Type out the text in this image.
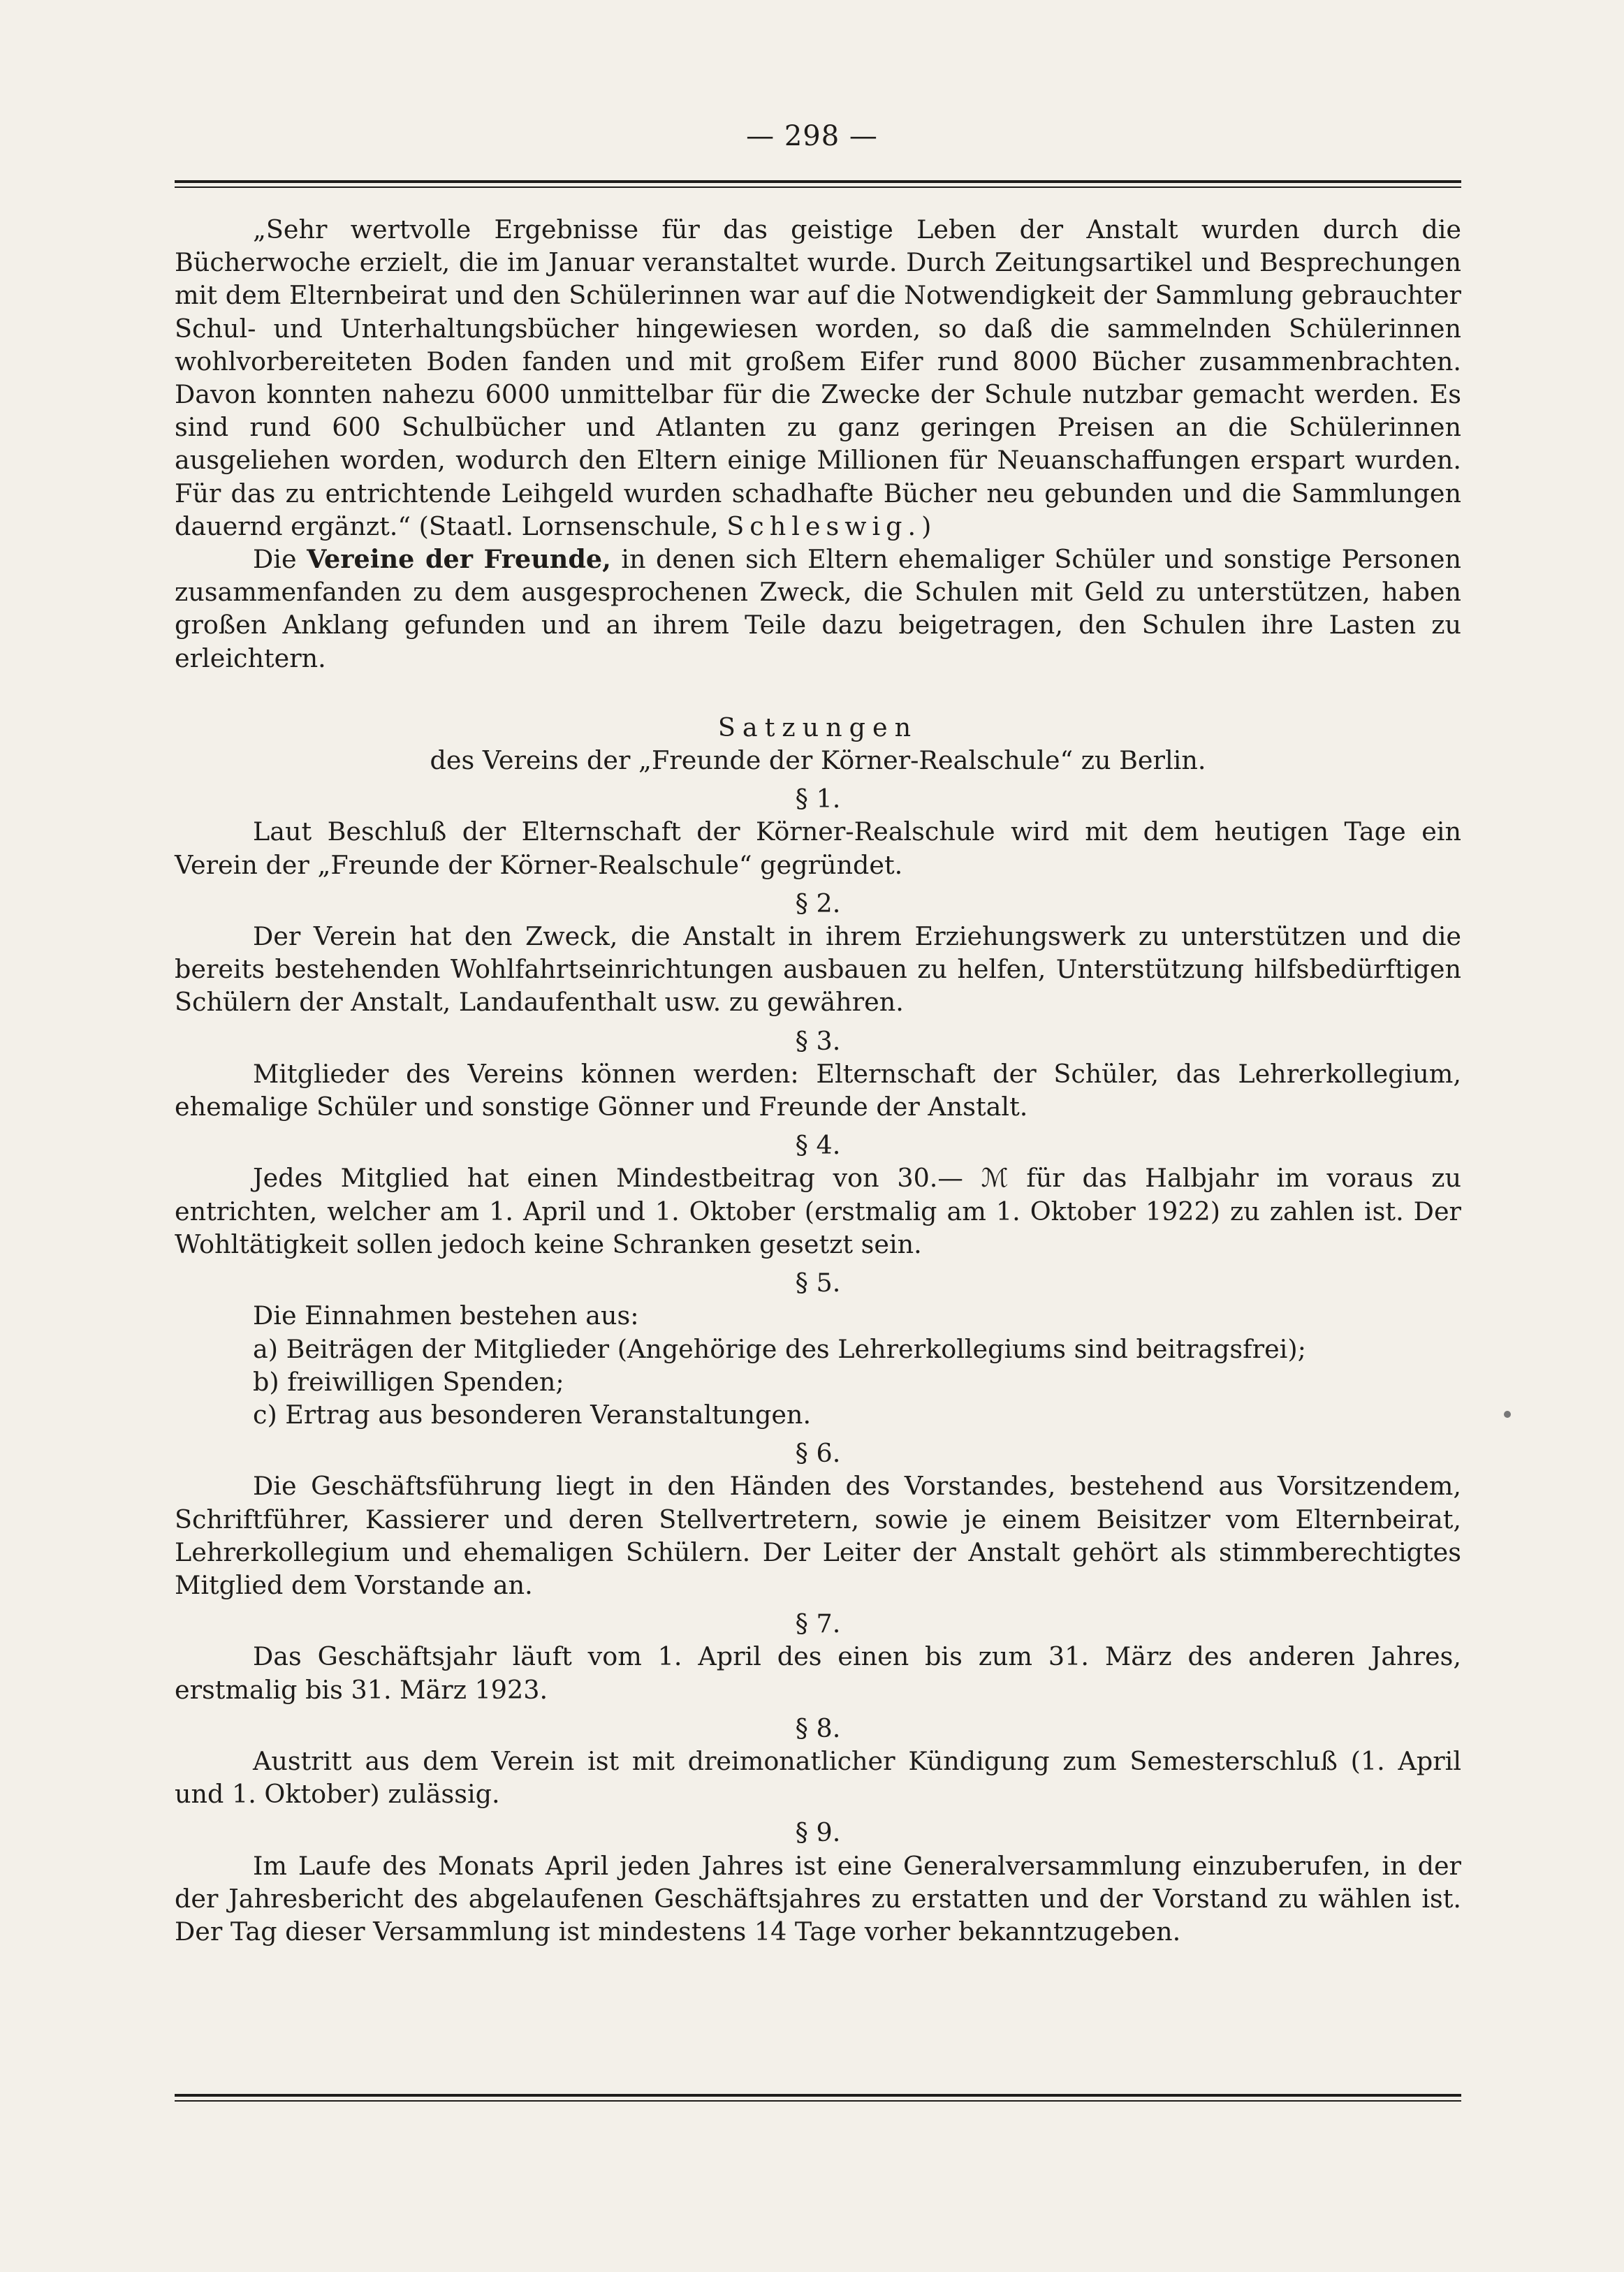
— 298 —

„Sehr wertvolle Ergebnisse für das geistige Leben der Anstalt wurden durch die Bücherwoche erzielt, die im Januar veranstaltet wurde. Durch Zeitungsartikel und Besprechungen mit dem Elternbeirat und den Schülerinnen war auf die Notwendigkeit der Sammlung gebrauchter Schul- und Unterhaltungsbücher hingewiesen worden, so daß die sammelnden Schülerinnen wohlvorbereiteten Boden fanden und mit großem Eifer rund 8000 Bücher zusammenbrachten. Davon konnten nahezu 6000 unmittelbar für die Zwecke der Schule nutzbar gemacht werden. Es sind rund 600 Schulbücher und Atlanten zu ganz geringen Preisen an die Schülerinnen ausgeliehen worden, wodurch den Eltern einige Millionen für Neuanschaffungen erspart wurden. Für das zu entrichtende Leihgeld wurden schadhafte Bücher neu gebunden und die Sammlungen dauernd ergänzt.“ (Staatl. Lornsenschule, Schleswig.)

Die Vereine der Freunde, in denen sich Eltern ehemaliger Schüler und sonstige Personen zusammenfanden zu dem ausgesprochenen Zweck, die Schulen mit Geld zu unterstützen, haben großen Anklang gefunden und an ihrem Teile dazu beigetragen, den Schulen ihre Lasten zu erleichtern.

Satzungen

des Vereins der „Freunde der Körner-Realschule“ zu Berlin.

§ 1.

Laut Beschluß der Elternschaft der Körner-Realschule wird mit dem heutigen Tage ein Verein der „Freunde der Körner-Realschule“ gegründet.

§ 2.

Der Verein hat den Zweck, die Anstalt in ihrem Erziehungswerk zu unterstützen und die bereits bestehenden Wohlfahrtseinrichtungen ausbauen zu helfen, Unterstützung hilfsbedürftigen Schülern der Anstalt, Landaufenthalt usw. zu gewähren.

§ 3.

Mitglieder des Vereins können werden: Elternschaft der Schüler, das Lehrerkollegium, ehemalige Schüler und sonstige Gönner und Freunde der Anstalt.

§ 4.

Jedes Mitglied hat einen Mindestbeitrag von 30.— ℳ für das Halbjahr im voraus zu entrichten, welcher am 1. April und 1. Oktober (erstmalig am 1. Oktober 1922) zu zahlen ist. Der Wohltätigkeit sollen jedoch keine Schranken gesetzt sein.

§ 5.

Die Einnahmen bestehen aus:

a) Beiträgen der Mitglieder (Angehörige des Lehrerkollegiums sind beitragsfrei);

b) freiwilligen Spenden;

c) Ertrag aus besonderen Veranstaltungen.

§ 6.

Die Geschäftsführung liegt in den Händen des Vorstandes, bestehend aus Vorsitzendem, Schriftführer, Kassierer und deren Stellvertretern, sowie je einem Beisitzer vom Elternbeirat, Lehrerkollegium und ehemaligen Schülern. Der Leiter der Anstalt gehört als stimmberechtigtes Mitglied dem Vorstande an.

§ 7.

Das Geschäftsjahr läuft vom 1. April des einen bis zum 31. März des anderen Jahres, erstmalig bis 31. März 1923.

§ 8.

Austritt aus dem Verein ist mit dreimonatlicher Kündigung zum Semesterschluß (1. April und 1. Oktober) zulässig.

§ 9.

Im Laufe des Monats April jeden Jahres ist eine Generalversammlung einzuberufen, in der der Jahresbericht des abgelaufenen Geschäftsjahres zu erstatten und der Vorstand zu wählen ist. Der Tag dieser Versammlung ist mindestens 14 Tage vorher bekanntzugeben.
